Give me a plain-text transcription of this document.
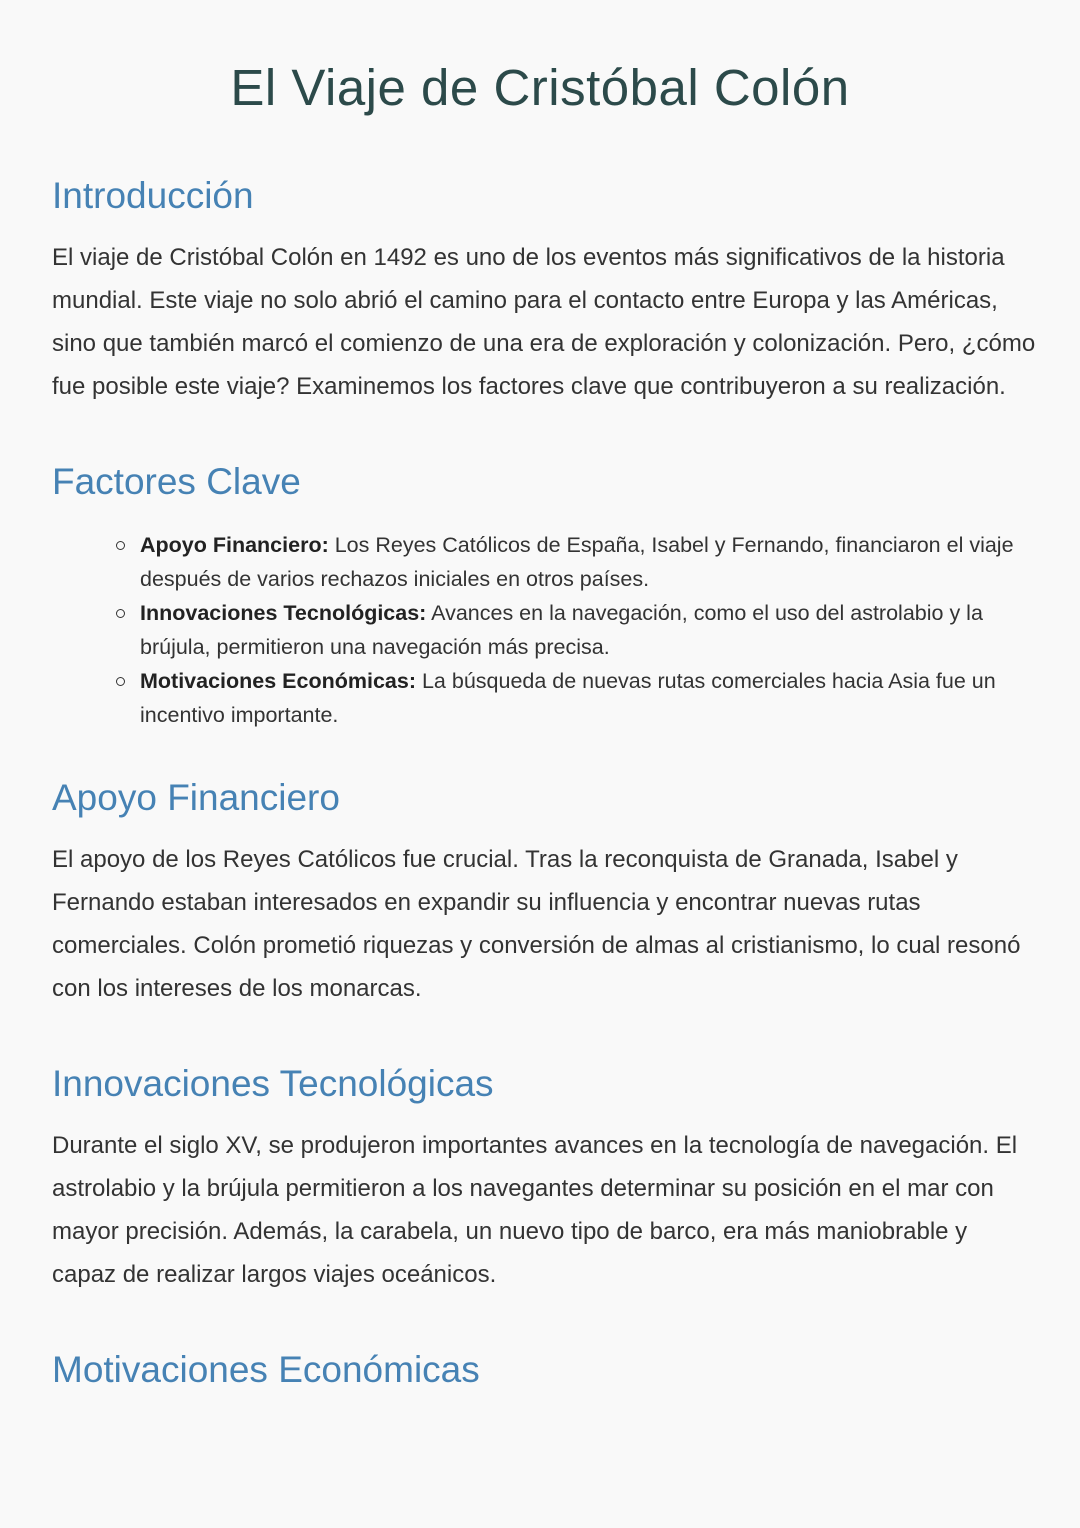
El Viaje de Cristóbal Colón
Introducción

El viaje de Cristóbal Colón en 1492 es uno de los eventos más significativos de la historia mundial. Este viaje no solo abrió el camino para el contacto entre Europa y las Américas, sino que también marcó el comienzo de una era de exploración y colonización. Pero, ¿cómo fue posible este viaje? Examinemos los factores clave que contribuyeron a su realización.

Factores Clave
Apoyo Financiero: Los Reyes Católicos de España, Isabel y Fernando, financiaron el viaje después de varios rechazos iniciales en otros países.
Innovaciones Tecnológicas: Avances en la navegación, como el uso del astrolabio y la brújula, permitieron una navegación más precisa.
Motivaciones Económicas: La búsqueda de nuevas rutas comerciales hacia Asia fue un incentivo importante.
Apoyo Financiero

El apoyo de los Reyes Católicos fue crucial. Tras la reconquista de Granada, Isabel y Fernando estaban interesados en expandir su influencia y encontrar nuevas rutas comerciales. Colón prometió riquezas y conversión de almas al cristianismo, lo cual resonó con los intereses de los monarcas.

Innovaciones Tecnológicas

Durante el siglo XV, se produjeron importantes avances en la tecnología de navegación. El astrolabio y la brújula permitieron a los navegantes determinar su posición en el mar con mayor precisión. Además, la carabela, un nuevo tipo de barco, era más maniobrable y capaz de realizar largos viajes oceánicos.

Motivaciones Económicas
